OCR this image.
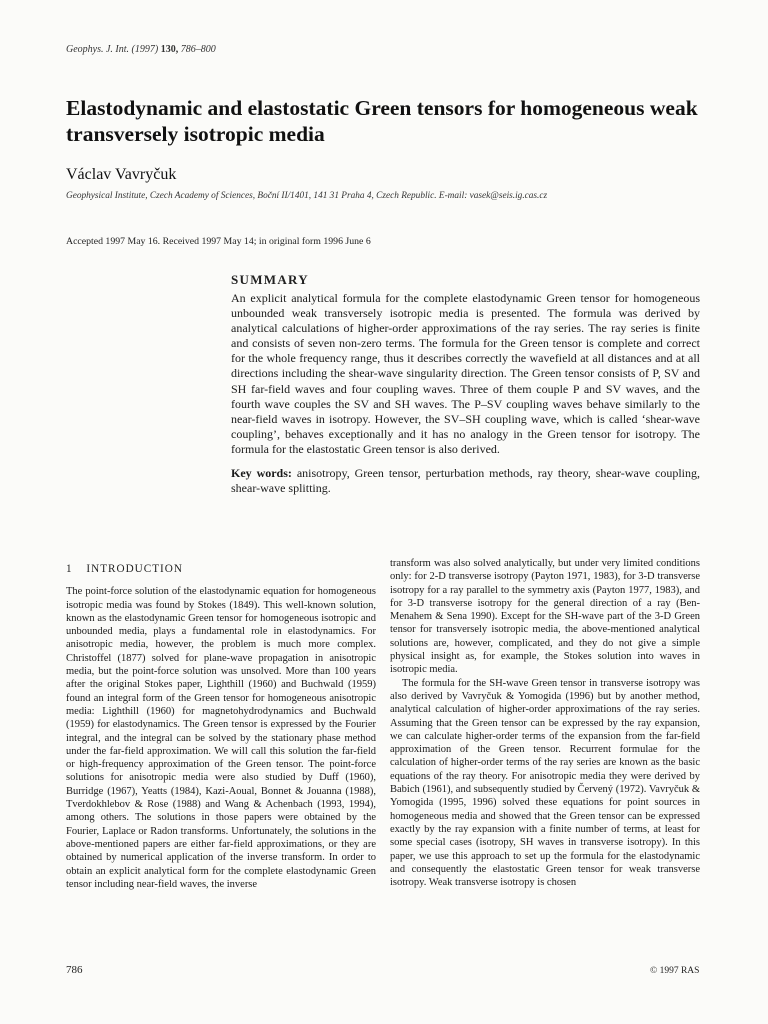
Geophys. J. Int. (1997) 130, 786–800
Elastodynamic and elastostatic Green tensors for homogeneous weak transversely isotropic media
Václav Vavryčuk
Geophysical Institute, Czech Academy of Sciences, Boční II/1401, 141 31 Praha 4, Czech Republic. E-mail: vasek@seis.ig.cas.cz
Accepted 1997 May 16. Received 1997 May 14; in original form 1996 June 6
SUMMARY
An explicit analytical formula for the complete elastodynamic Green tensor for homogeneous unbounded weak transversely isotropic media is presented. The formula was derived by analytical calculations of higher-order approximations of the ray series. The ray series is finite and consists of seven non-zero terms. The formula for the Green tensor is complete and correct for the whole frequency range, thus it describes correctly the wavefield at all distances and at all directions including the shear-wave singularity direction. The Green tensor consists of P, SV and SH far-field waves and four coupling waves. Three of them couple P and SV waves, and the fourth wave couples the SV and SH waves. The P–SV coupling waves behave similarly to the near-field waves in isotropy. However, the SV–SH coupling wave, which is called ‘shear-wave coupling’, behaves exceptionally and it has no analogy in the Green tensor for isotropy. The formula for the elastostatic Green tensor is also derived.
Key words: anisotropy, Green tensor, perturbation methods, ray theory, shear-wave coupling, shear-wave splitting.
1 INTRODUCTION

The point-force solution of the elastodynamic equation for homogeneous isotropic media was found by Stokes (1849). This well-known solution, known as the elastodynamic Green tensor for homogeneous isotropic and unbounded media, plays a fundamental role in elastodynamics. For anisotropic media, however, the problem is much more complex. Christoffel (1877) solved for plane-wave propagation in anisotropic media, but the point-force solution was unsolved. More than 100 years after the original Stokes paper, Lighthill (1960) and Buchwald (1959) found an integral form of the Green tensor for homogeneous anisotropic media: Lighthill (1960) for magnetohydrodynamics and Buchwald (1959) for elastodynamics. The Green tensor is expressed by the Fourier integral, and the integral can be solved by the stationary phase method under the far-field approximation. We will call this solution the far-field or high-frequency approximation of the Green tensor. The point-force solutions for anisotropic media were also studied by Duff (1960), Burridge (1967), Yeatts (1984), Kazi-Aoual, Bonnet & Jouanna (1988), Tverdokhlebov & Rose (1988) and Wang & Achenbach (1993, 1994), among others. The solutions in those papers were obtained by the Fourier, Laplace or Radon transforms. Unfortunately, the solutions in the above-mentioned papers are either far-field approximations, or they are obtained by numerical application of the inverse transform. In order to obtain an explicit analytical form for the complete elastodynamic Green tensor including near-field waves, the inverse

transform was also solved analytically, but under very limited conditions only: for 2-D transverse isotropy (Payton 1971, 1983), for 3-D transverse isotropy for a ray parallel to the symmetry axis (Payton 1977, 1983), and for 3-D transverse isotropy for the general direction of a ray (Ben-Menahem & Sena 1990). Except for the SH-wave part of the 3-D Green tensor for transversely isotropic media, the above-mentioned analytical solutions are, however, complicated, and they do not give a simple physical insight as, for example, the Stokes solution into waves in isotropic media.

The formula for the SH-wave Green tensor in transverse isotropy was also derived by Vavryčuk & Yomogida (1996) but by another method, analytical calculation of higher-order approximations of the ray series. Assuming that the Green tensor can be expressed by the ray expansion, we can calculate higher-order terms of the expansion from the far-field approximation of the Green tensor. Recurrent formulae for the calculation of higher-order terms of the ray series are known as the basic equations of the ray theory. For anisotropic media they were derived by Babich (1961), and subsequently studied by Červený (1972). Vavryčuk & Yomogida (1995, 1996) solved these equations for point sources in homogeneous media and showed that the Green tensor can be expressed exactly by the ray expansion with a finite number of terms, at least for some special cases (isotropy, SH waves in transverse isotropy). In this paper, we use this approach to set up the formula for the elastodynamic and consequently the elastostatic Green tensor for weak transverse isotropy. Weak transverse isotropy is chosen

786	© 1997 RAS
